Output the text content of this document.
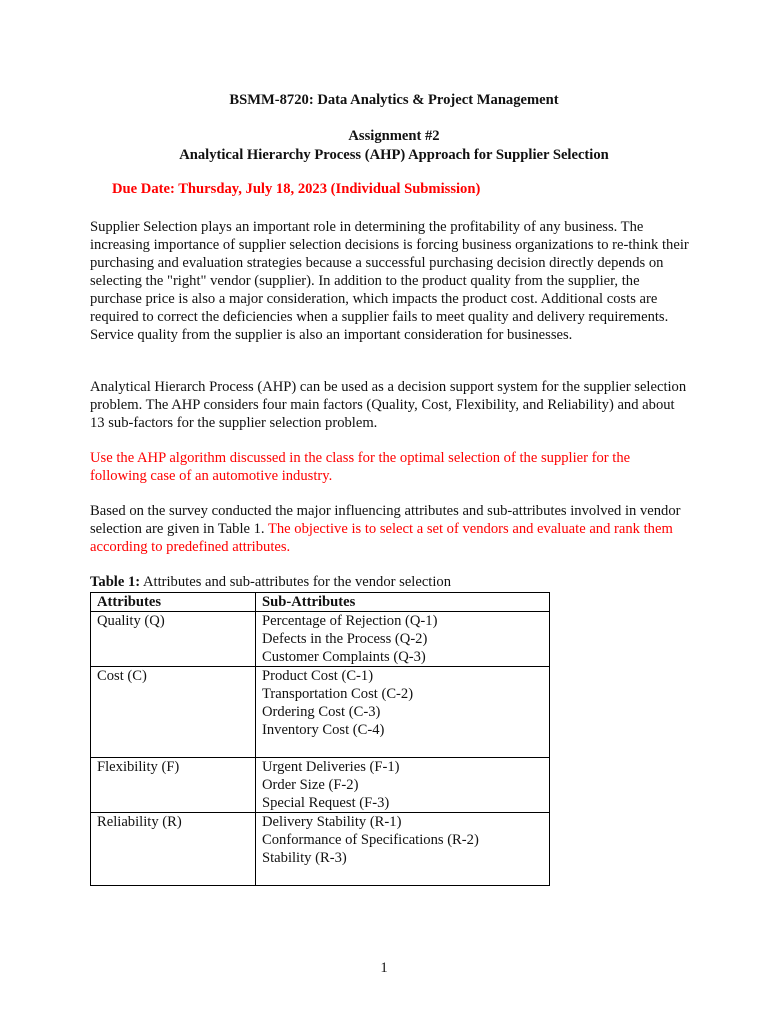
BSMM-8720: Data Analytics & Project Management
Assignment #2
Analytical Hierarchy Process (AHP) Approach for Supplier Selection
Due Date: Thursday, July 18, 2023 (Individual Submission)

Supplier Selection plays an important role in determining the profitability of any business. The increasing importance of supplier selection decisions is forcing business organizations to re-think their purchasing and evaluation strategies because a successful purchasing decision directly depends on selecting the "right" vendor (supplier). In addition to the product quality from the supplier, the purchase price is also a major consideration, which impacts the product cost. Additional costs are required to correct the deficiencies when a supplier fails to meet quality and delivery requirements. Service quality from the supplier is also an important consideration for businesses.

Analytical Hierarch Process (AHP) can be used as a decision support system for the supplier selection problem. The AHP considers four main factors (Quality, Cost, Flexibility, and Reliability) and about 13 sub-factors for the supplier selection problem.

Use the AHP algorithm discussed in the class for the optimal selection of the supplier for the following case of an automotive industry.

Based on the survey conducted the major influencing attributes and sub-attributes involved in vendor selection are given in Table 1. The objective is to select a set of vendors and evaluate and rank them according to predefined attributes.

Table 1: Attributes and sub-attributes for the vendor selection
Attributes	Sub-Attributes
Quality (Q)	Percentage of Rejection (Q-1)
Defects in the Process (Q-2)
Customer Complaints (Q-3)

Cost (C)	Product Cost (C-1)
Transportation Cost (C-2)
Ordering Cost (C-3)
Inventory Cost (C-4)

Flexibility (F)	Urgent Deliveries (F-1)
Order Size (F-2)
Special Request (F-3)

Reliability (R)	Delivery Stability (R-1)
Conformance of Specifications (R-2)
Stability (R-3)

1
